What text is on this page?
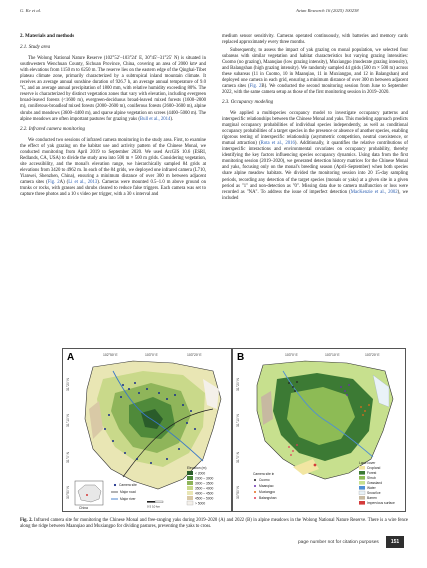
G. Ke et al.	Avian Research 16 (2025) 100238
2. Materials and methods
2.1. Study area

The Wolong National Nature Reserve (102°52′–103°24′ E, 30°45′–31°25′ N) is situated in southwestern Wenchuan County, Sichuan Province, China, covering an area of 2000 km² and with elevations from 1150 m to 6250 m. The reserve lies on the eastern edge of the Qinghai-Tibet plateau climate zone, primarily characterized by a subtropical inland mountain climate. It receives an average annual sunshine duration of 926.7 h, an average annual temperature of 9.0 °C, and an average annual precipitation of 1800 mm, with relative humidity exceeding 80%. The reserve is characterized by distinct vegetation zones that vary with elevation, including evergreen broad-leaved forests (<1600 m), evergreen-deciduous broad-leaved mixed forests (1600–2000 m), coniferous-broadleaf mixed forests (2000–2600 m), coniferous forests (2600–3600 m), alpine shrubs and meadows (3600–4400 m), and sparse alpine vegetation on screes (4400–5000 m). The alpine meadows are often important pastures for grazing yaks (Bull et al., 2014).

2.2. Infrared camera monitoring

We conducted two sessions of infrared camera monitoring in the study area. First, to examine the effect of yak grazing on the habitat use and activity pattern of the Chinese Monal, we conducted monitoring from April 2019 to September 2020. We used ArcGIS 10.6 (ESRI, Redlands, CA, USA) to divide the study area into 500 m × 500 m grids. Considering vegetation, site accessibility, and the monal's elevation range, we hierarchically sampled 84 grids at elevations from 3420 to 4962 m. In each of the 84 grids, we deployed one infrared camera (L710, Yianwei, Shenzhen, China), ensuring a minimum distance of over 300 m between adjacent camera sites (Fig. 2A) (Li et al., 2013). Cameras were mounted 0.5–1.0 m above ground on trunks or rocks, with grasses and shrubs cleared to reduce false triggers. Each camera was set to capture three photos and a 10 s video per trigger, with a 30 s interval and

medium sensor sensitivity. Cameras operated continuously, with batteries and memory cards replaced approximately every three months.

Subsequently, to assess the impact of yak grazing on monal population, we selected four subareas with similar vegetation and habitat characteristics but varying grazing intensities: Cuomo (no grazing), Maanqiao (low grazing intensity), Muxiangpo (moderate grazing intensity), and Balangshan (high grazing intensity). We randomly sampled 44 grids (500 m × 500 m) across these subareas (11 in Cuomo, 10 in Maanqiao, 11 in Muxiangpo, and 12 in Balangshan) and deployed one camera in each grid, ensuring a minimum distance of over 300 m between adjacent camera sites (Fig. 2B). We conducted the second monitoring session from June to September 2022, with the same camera setup as those of the first monitoring session in 2019–2020.

2.3. Occupancy modeling

We applied a multispecies occupancy model to investigate occupancy patterns and interspecific relationships between the Chinese Monal and yaks. This modeling approach predicts marginal occupancy probabilities of individual species independently, as well as conditional occupancy probabilities of a target species in the presence or absence of another species, enabling rigorous testing of interspecific relationship (asymmetric competition, neutral coexistence, or mutual attraction) (Rota et al., 2016). Additionally, it quantifies the relative contributions of interspecific interactions and environmental covariates on occupancy probability, thereby identifying the key factors influencing species occupancy dynamics. Using data from the first monitoring session (2019–2020), we generated detection history matrices for the Chinese Monal and yaks, focusing only on the monal's breeding season (April–September) when both species share alpine meadow habitats. We divided the monitoring session into 20 15-day sampling periods, recording any detection of the target species (monals or yaks) at a given site in a given period as "1" and non-detection as "0". Missing data due to camera malfunction or loss were recorded as "NA". To address the issue of imperfect detection (MacKenzie et al., 2002), we included

A	102°50′ E	103°0′ E	103°20′ E
31°20′ N
31°10′ N
31°0′ N
30°50′ N
Camera site
Major road
Major river
Elevation (m)
< 2000
2000 – 3000
3000 – 3500
3500 – 4000
4000 – 4500
4500 – 5000
> 5000
China	0 5 10 km
B	103°0′ E	103°10′ E	103°20′ E
31°20′ N
31°10′ N
31°0′ N
30°50′ N
Camera site in
Cuomo
Maanqiao
Muxiangpo
Balangshan
Land cover
Cropland
Forest
Shrub
Grassland
Water
Snow/Ice
Barren
Impervious surface
Fig. 2. Infrared camera site for monitoring the Chinese Monal and free-ranging yaks during 2019–2020 (A) and 2022 (B) in alpine meadows in the Wolong National Nature Reserve. There is a wire fence along the ridge between Maanqiao and Muxiangpo for dividing pastures, preventing the yaks to cross.
page number not for citation purposes	151
